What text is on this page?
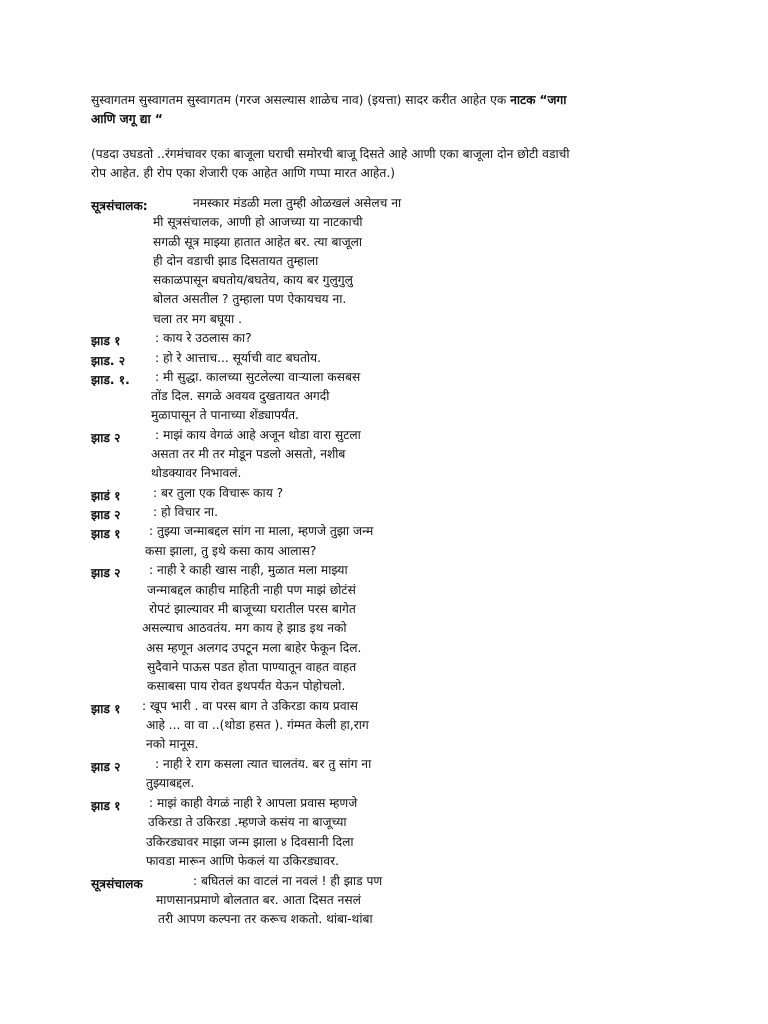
सुस्वागतम सुस्वागतम सुस्वागतम (गरज असल्यास शाळेच नाव) (इयत्ता) सादर करीत आहेत एक नाटक “जगा
आणि जगू द्या “
(पडदा उघडतो ..रंगमंचावर एका बाजूला घराची समोरची बाजू दिसते आहे आणी एका बाजूला दोन छोटी वडाची
रोप आहेत. ही रोप एका शेजारी एक आहेत आणि गप्पा मारत आहेत.)
सूत्रसंचालक:	नमस्कार मंडळी मला तुम्ही ओळखलं असेलच ना
मी सूत्रसंचालक, आणी हो आजच्या या नाटकाची
सगळी सूत्र माझ्या हातात आहेत बर. त्या बाजूला
ही दोन वडाची झाड दिसतायत तुम्हाला
सकाळपासून बघतोय/बघतेय, काय बर गुलुगुलु
बोलत असतील ? तुम्हाला पण ऐकायचय ना.
चला तर मग बघूया .
झाड १	: काय रे उठलास का?
झाड. २ : हो रे आत्ताच... सूर्याची वाट बघतोय.
झाड. १. : मी सुद्धा. कालच्या सुटलेल्या वाऱ्याला कसबस
तोंड दिल. सगळे अवयव दुखतायत अगदी
मुळापासून ते पानाच्या शेंड्यापर्यंत.
झाड २	: माझं काय वेगळं आहे अजून थोडा वारा सुटला
असता तर मी तर मोडून पडलो असतो, नशीब
थोडक्यावर निभावलं.
झाडं १	: बर तुला एक विचारू काय ?
झाड २	: हो विचार ना.
झाड १ : तुझ्या जन्माबद्दल सांग ना माला, म्हणजे तुझा जन्म
कसा झाला, तु इथे कसा काय आलास?
झाड २ : नाही रे काही खास नाही, मुळात मला माझ्या
जन्माबद्दल काहीच माहिती नाही पण माझं छोटंसं
रोपटं झाल्यावर मी बाजूच्या घरातील परस बागेत
असल्याच आठवतंय. मग काय हे झाड इथ नको
अस म्हणून अलगद उपटून मला बाहेर फेकून दिल.
सुदैवाने पाऊस पडत होता पाण्यातून वाहत वाहत
कसाबसा पाय रोवत इथपर्यंत येऊन पोहोचलो.
झाड १ : खूप भारी . वा परस बाग ते उकिरडा काय प्रवास
आहे ... वा वा ..(थोडा हसत ). गंम्मत केली हा,राग
नको मानूस.
झाड २	: नाही रे राग कसला त्यात चालतंय. बर तु सांग ना
तुझ्याबद्दल.
झाड १ : माझं काही वेगळं नाही रे आपला प्रवास म्हणजे
उकिरडा ते उकिरडा .म्हणजे कसंय ना बाजूच्या
उकिरड्यावर माझा जन्म झाला ४ दिवसानी दिला
फावडा मारून आणि फेकलं या उकिरड्यावर.
सूत्रसंचालक	: बघितलं का वाटलं ना नवलं ! ही झाड पण
माणसानप्रमाणे बोलतात बर. आता दिसत नसलं
तरी आपण कल्पना तर करूच शकतो. थांबा-थांबा
